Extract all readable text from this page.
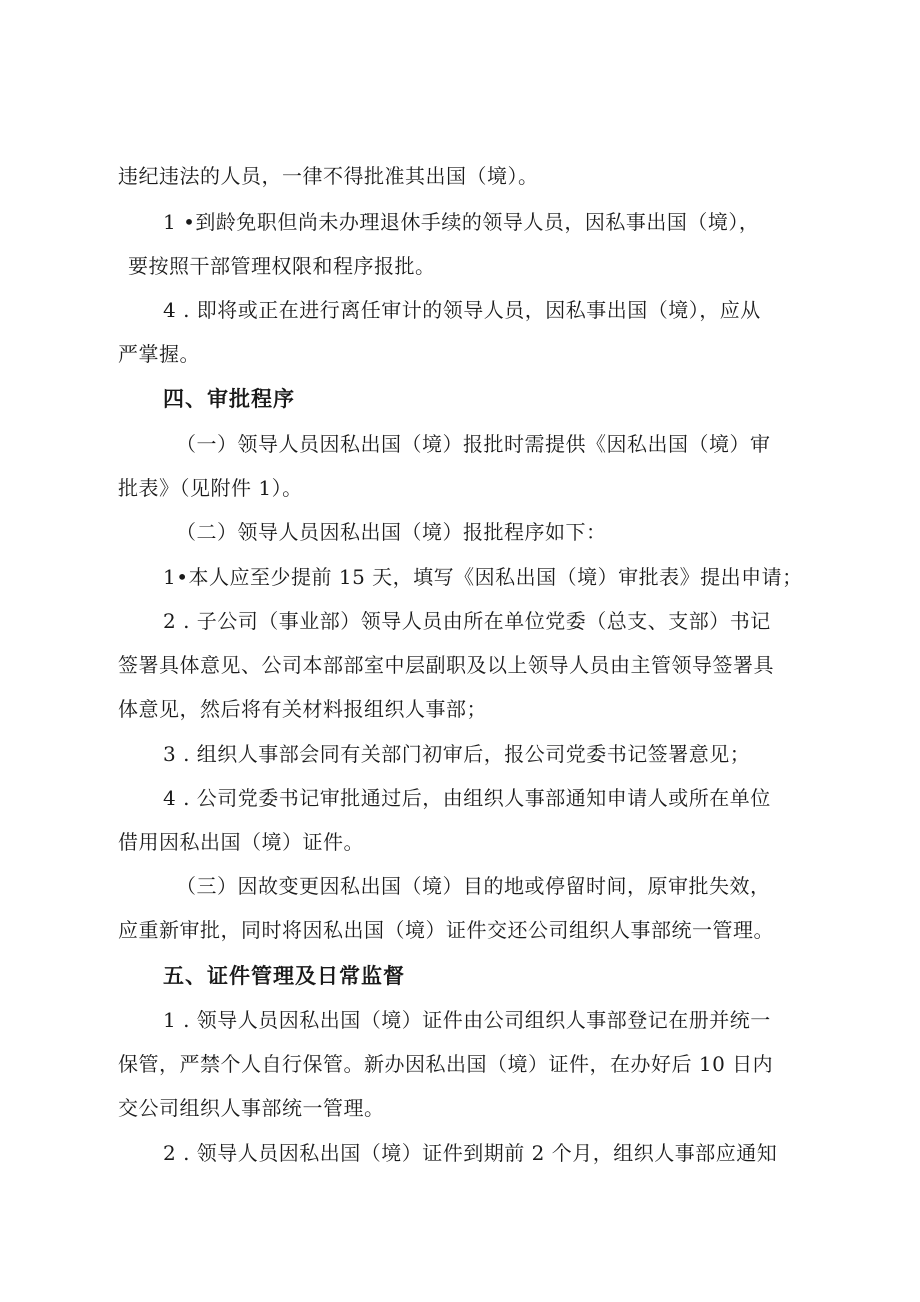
违纪违法的人员，一律不得批准其出国（境）。
1 •到龄免职但尚未办理退休手续的领导人员，因私事出国（境），
要按照干部管理权限和程序报批。
4 . 即将或正在进行离任审计的领导人员，因私事出国（境），应从
严掌握。
四、审批程序
（一）领导人员因私出国（境）报批时需提供《因私出国（境）审
批表》（见附件 1）。
（二）领导人员因私出国（境）报批程序如下：
1•本人应至少提前 15 天，填写《因私出国（境）审批表》提出申请；
2 . 子公司（事业部）领导人员由所在单位党委（总支、支部）书记
签署具体意见、公司本部部室中层副职及以上领导人员由主管领导签署具
体意见，然后将有关材料报组织人事部；
3 . 组织人事部会同有关部门初审后，报公司党委书记签署意见；
4 . 公司党委书记审批通过后，由组织人事部通知申请人或所在单位
借用因私出国（境）证件。
（三）因故变更因私出国（境）目的地或停留时间，原审批失效，
应重新审批，同时将因私出国（境）证件交还公司组织人事部统一管理。
五、证件管理及日常监督
1 . 领导人员因私出国（境）证件由公司组织人事部登记在册并统一
保管，严禁个人自行保管。新办因私出国（境）证件，在办好后 10 日内
交公司组织人事部统一管理。
2 . 领导人员因私出国（境）证件到期前 2 个月，组织人事部应通知
